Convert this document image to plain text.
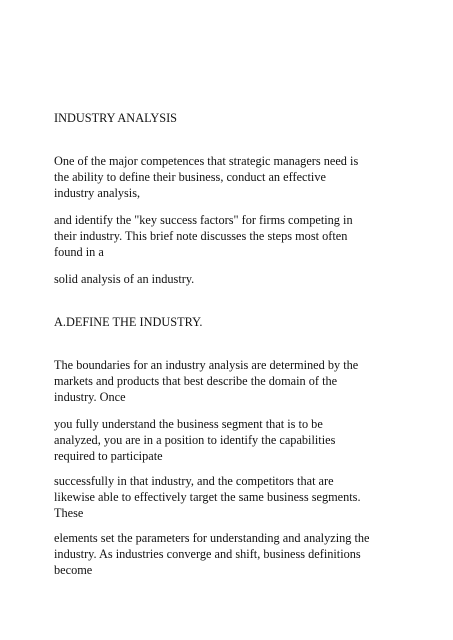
INDUSTRY ANALYSIS

One of the major competences that strategic managers need is
the ability to define their business, conduct an effective
industry analysis,

and identify the "key success factors" for firms competing in
their industry. This brief note discusses the steps most often
found in a

solid analysis of an industry.

A.DEFINE THE INDUSTRY.

The boundaries for an industry analysis are determined by the
markets and products that best describe the domain of the
industry. Once

you fully understand the business segment that is to be
analyzed, you are in a position to identify the capabilities
required to participate

successfully in that industry, and the competitors that are
likewise able to effectively target the same business segments.
These

elements set the parameters for understanding and analyzing the
industry. As industries converge and shift, business definitions
become
